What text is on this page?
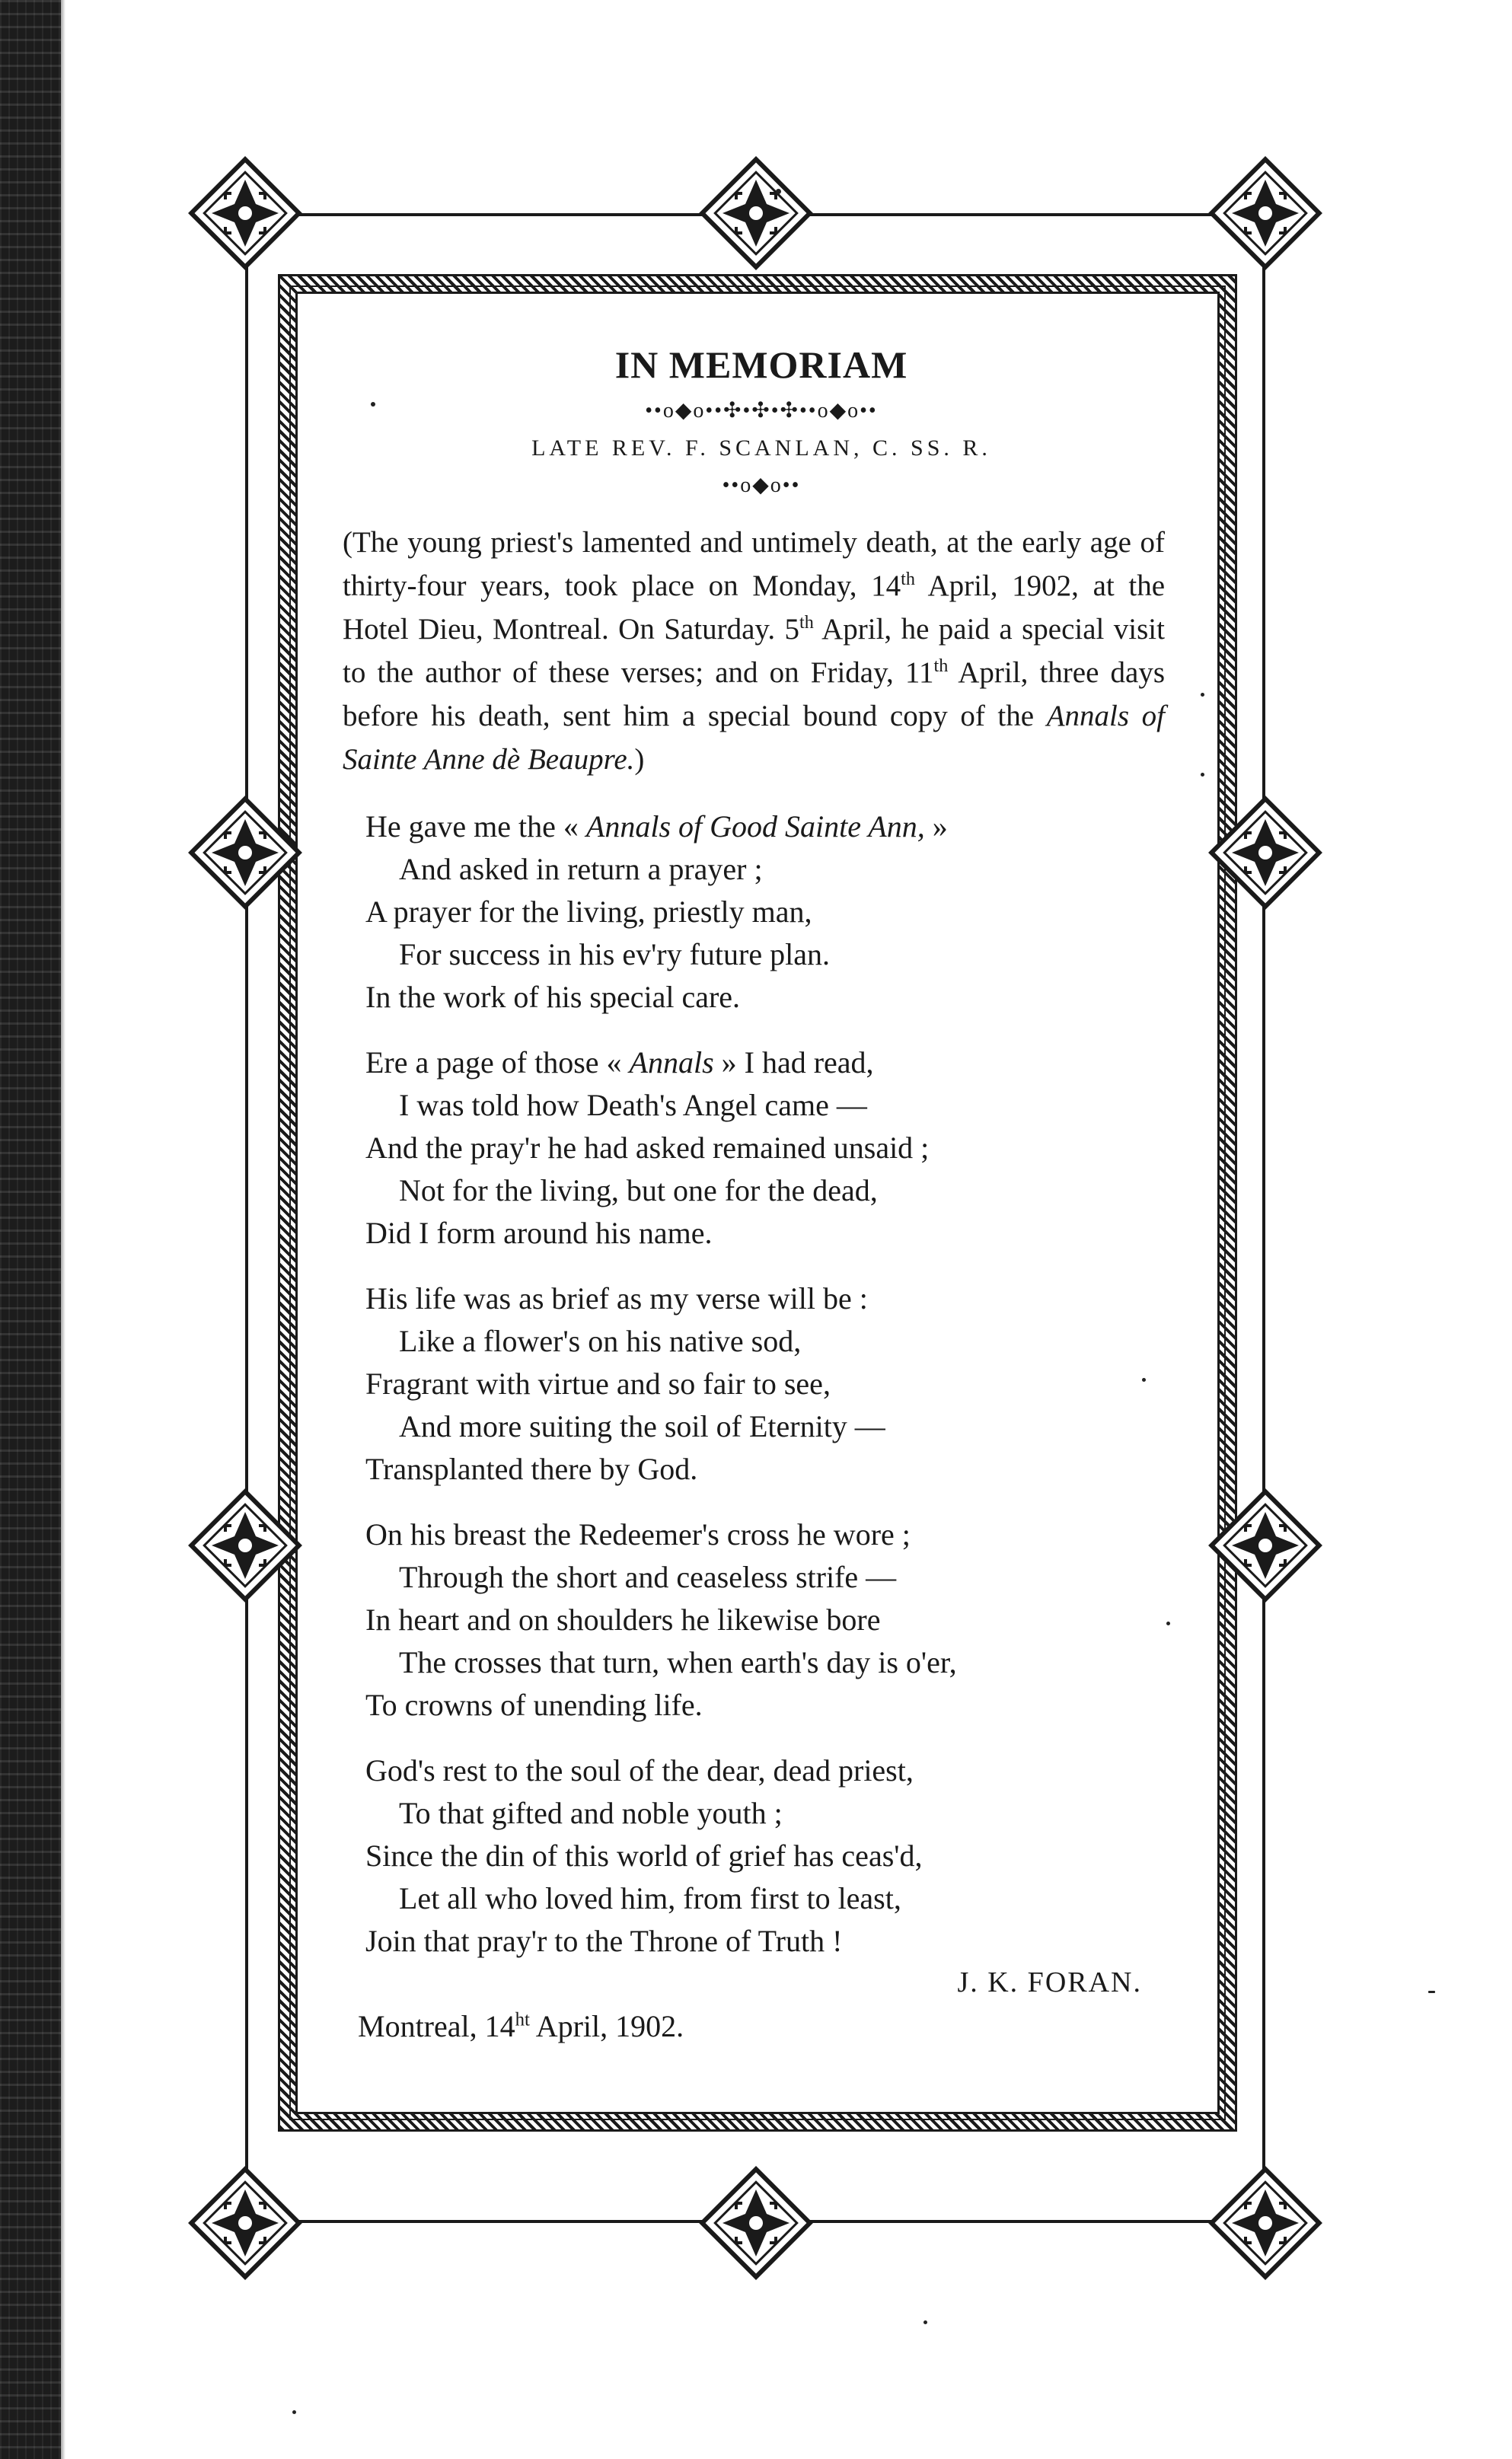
IN MEMORIAM
••o◆o••✣•✣•✣••o◆o••
LATE REV. F. SCANLAN, C. SS. R.
••o◆o••

(The young priest's lamented and untimely death, at the early age of thirty-four years, took place on Monday, 14th April, 1902, at the Hotel Dieu, Montreal. On Saturday. 5th April, he paid a special visit to the author of these verses; and on Friday, 11th April, three days before his death, sent him a special bound copy of the Annals of Sainte Anne dè Beaupre.)

He gave me the « Annals of Good Sainte Ann, »
And asked in return a prayer ;
A prayer for the living, priestly man,
For success in his ev'ry future plan.
In the work of his special care.
Ere a page of those « Annals » I had read,
I was told how Death's Angel came —
And the pray'r he had asked remained unsaid ;
Not for the living, but one for the dead,
Did I form around his name.
His life was as brief as my verse will be :
Like a flower's on his native sod,
Fragrant with virtue and so fair to see,
And more suiting the soil of Eternity —
Transplanted there by God.
On his breast the Redeemer's cross he wore ;
Through the short and ceaseless strife —
In heart and on shoulders he likewise bore
The crosses that turn, when earth's day is o'er,
To crowns of unending life.
God's rest to the soul of the dear, dead priest,
To that gifted and noble youth ;
Since the din of this world of grief has ceas'd,
Let all who loved him, from first to least,
Join that pray'r to the Throne of Truth !
J. K. FORAN.
Montreal, $14^{ht}$ April, 1902.
